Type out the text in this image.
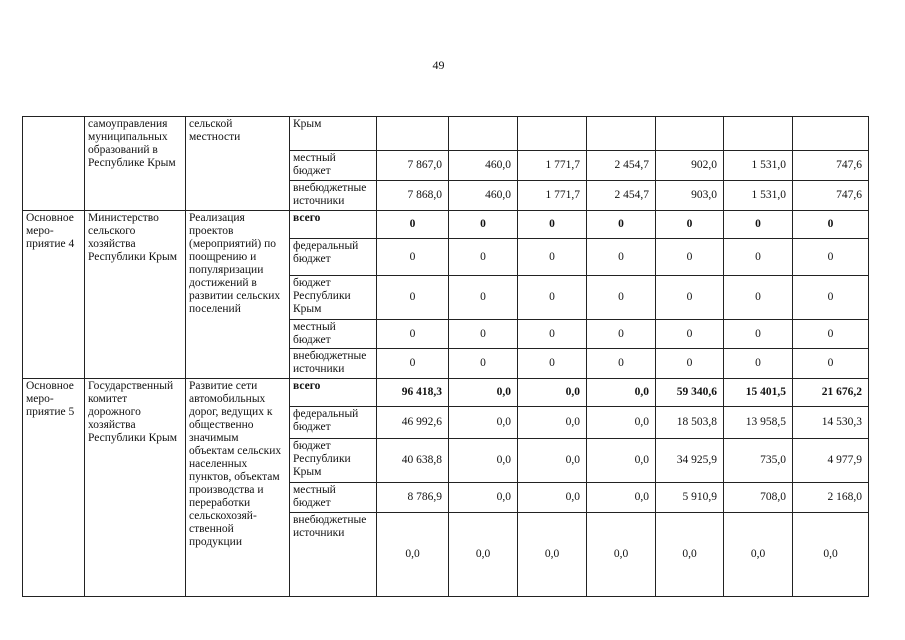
49
	самоуправления муниципальных образований в Республике Крым	сельской местности	Крым							
			местный бюджет	7 867,0	460,0	1 771,7	2 454,7	902,0	1 531,0	747,6
			внебюджетные источники	7 868,0	460,0	1 771,7	2 454,7	903,0	1 531,0	747,6
Основное меро-приятие 4	Министерство сельского хозяйства Республики Крым	Реализация проектов (мероприятий) по поощрению и популяризации достижений в развитии сельских поселений	всего	0	0	0	0	0	0	0
			федеральный бюджет	0	0	0	0	0	0	0
			бюджет Республики Крым	0	0	0	0	0	0	0
			местный бюджет	0	0	0	0	0	0	0
			внебюджетные источники	0	0	0	0	0	0	0
Основное меро-приятие 5	Государственный комитет дорожного хозяйства Республики Крым	Развитие сети автомобильных дорог, ведущих к общественно значимым объектам сельских населенных пунктов, объектам производства и переработки сельскохозяй-ственной продукции	всего	96 418,3	0,0	0,0	0,0	59 340,6	15 401,5	21 676,2
			федеральный бюджет	46 992,6	0,0	0,0	0,0	18 503,8	13 958,5	14 530,3
			бюджет Республики Крым	40 638,8	0,0	0,0	0,0	34 925,9	735,0	4 977,9
			местный бюджет	8 786,9	0,0	0,0	0,0	5 910,9	708,0	2 168,0
			внебюджетные источники	0,0	0,0	0,0	0,0	0,0	0,0	0,0
